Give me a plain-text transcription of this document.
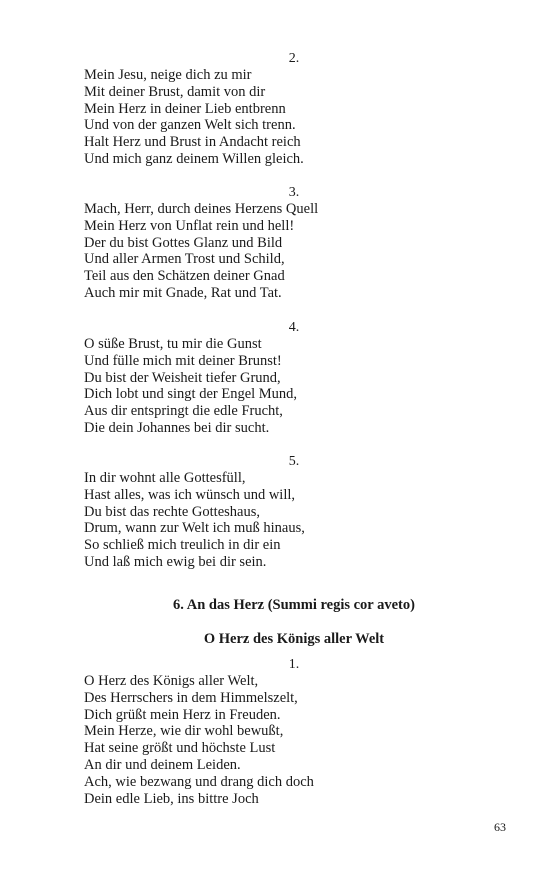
2.
Mein Jesu, neige dich zu mir
Mit deiner Brust, damit von dir
Mein Herz in deiner Lieb entbrenn
Und von der ganzen Welt sich trenn.
Halt Herz und Brust in Andacht reich
Und mich ganz deinem Willen gleich.
3.
Mach, Herr, durch deines Herzens Quell
Mein Herz von Unflat rein und hell!
Der du bist Gottes Glanz und Bild
Und aller Armen Trost und Schild,
Teil aus den Schätzen deiner Gnad
Auch mir mit Gnade, Rat und Tat.
4.
O süße Brust, tu mir die Gunst
Und fülle mich mit deiner Brunst!
Du bist der Weisheit tiefer Grund,
Dich lobt und singt der Engel Mund,
Aus dir entspringt die edle Frucht,
Die dein Johannes bei dir sucht.
5.
In dir wohnt alle Gottesfüll,
Hast alles, was ich wünsch und will,
Du bist das rechte Gotteshaus,
Drum, wann zur Welt ich muß hinaus,
So schließ mich treulich in dir ein
Und laß mich ewig bei dir sein.
6. An das Herz (Summi regis cor aveto)
O Herz des Königs aller Welt
1.
O Herz des Königs aller Welt,
Des Herrschers in dem Himmelszelt,
Dich grüßt mein Herz in Freuden.
Mein Herze, wie dir wohl bewußt,
Hat seine größt und höchste Lust
An dir und deinem Leiden.
Ach, wie bezwang und drang dich doch
Dein edle Lieb, ins bittre Joch
63
